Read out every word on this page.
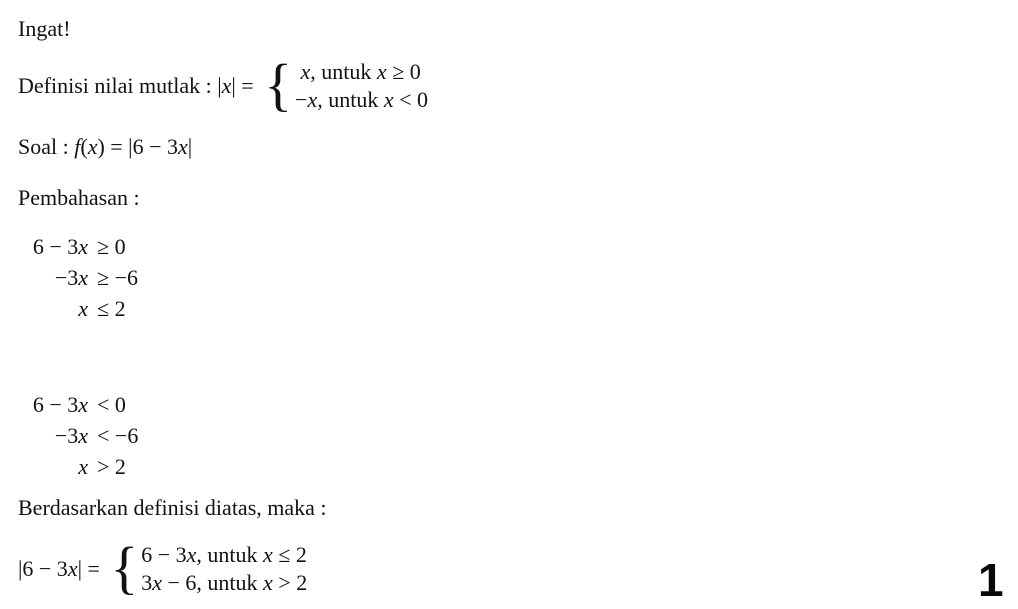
Ingat!
Definisi nilai mutlak : |x| = { x, untuk x ≥ 0
−x, untuk x < 0
Soal : f(x) = |6 − 3x|
Pembahasan :
6 − 3x ≥ 0
−3x ≥ −6
x ≤ 2
6 − 3x < 0
−3x < −6
x > 2
Berdasarkan definisi diatas, maka :
|6 − 3x| = { 6 − 3x, untuk x ≤ 2
3x − 6, untuk x > 2	1
